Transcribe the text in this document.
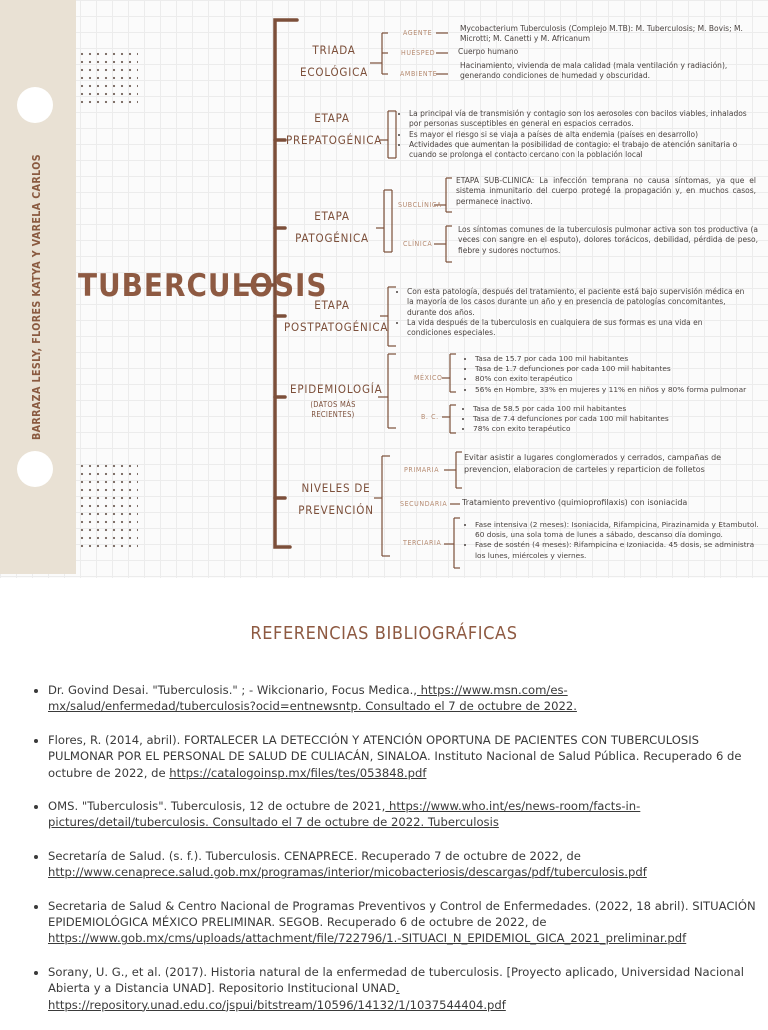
BARRAZA LESLY, FLORES KATYA Y VARELA CARLOS TUBERCULOSIS
TRIADA
ECOLÓGICA
AGENTE
HUÉSPED
AMBIENTE
Mycobacterium Tuberculosis (Complejo M.TB): M. Tuberculosis; M. Bovis; M. Microtti; M. Canetti y M. Africanum
Cuerpo humano
Hacinamiento, vivienda de mala calidad (mala ventilación y radiación), generando condiciones de humedad y obscuridad.
ETAPA
PREPATOGÉNICA
• La principal vía de transmisión y contagio son los aerosoles con bacilos viables, inhalados por personas susceptibles en general en espacios cerrados.
• Es mayor el riesgo si se viaja a países de alta endemia (países en desarrollo)
• Actividades que aumentan la posibilidad de contagio: el trabajo de atención sanitaria o cuando se prolonga el contacto cercano con la población local
ETAPA
PATOGÉNICA
SUBCLÍNICA
CLÍNICA
ETAPA SUB-CLINICA: La infección temprana no causa síntomas, ya que el sistema inmunitario del cuerpo protegé la propagación y, en muchos casos, permanece inactivo.
Los síntomas comunes de la tuberculosis pulmonar activa son tos productiva (a veces con sangre en el esputo), dolores torácicos, debilidad, pérdida de peso, fiebre y sudores nocturnos.
ETAPA
POSTPATOGÉNICA
• Con esta patología, después del tratamiento, el paciente está bajo supervisión médica en la mayoría de los casos durante un año y en presencia de patologías concomitantes, durante dos años.
• La vida después de la tuberculosis en cualquiera de sus formas es una vida en condiciones especiales.
EPIDEMIOLOGÍA
(DATOS MÁS RECIENTES)
MÉXICO
B. C.
• Tasa de 15.7 por cada 100 mil habitantes
• Tasa de 1.7 defunciones por cada 100 mil habitantes
• 80% con exito terapéutico
• 56% en Hombre, 33% en mujeres y 11% en niños y 80% forma pulmonar
• Tasa de 58.5 por cada 100 mil habitantes
• Tasa de 7.4 defunciones por cada 100 mil habitantes
• 78% con exito terapéutico
NIVELES DE
PREVENCIÓN
PRIMARIA
SECUNDARIA
TERCIARIA
Evitar asistir a lugares conglomerados y cerrados, campañas de prevencion, elaboracion de carteles y reparticion de folletos
Tratamiento preventivo (quimioprofilaxis) con isoniacida
• Fase intensiva (2 meses): Isoniacida, Rifampicina, Pirazinamida y Etambutol. 60 dosis, una sola toma de lunes a sábado, descanso día domingo.
• Fase de sostén (4 meses): Rifampicina e Izoniacida. 45 dosis, se administra los lunes, miércoles y viernes.
REFERENCIAS BIBLIOGRÁFICAS
• Dr. Govind Desai. "Tuberculosis." ; - Wikcionario, Focus Medica., https://www.msn.com/es-mx/salud/enfermedad/tuberculosis?ocid=entnewsntp. Consultado el 7 de octubre de 2022.
• Flores, R. (2014, abril). FORTALECER LA DETECCIÓN Y ATENCIÓN OPORTUNA DE PACIENTES CON TUBERCULOSIS PULMONAR POR EL PERSONAL DE SALUD DE CULIACÁN, SINALOA. Instituto Nacional de Salud Pública. Recuperado 6 de octubre de 2022, de https://catalogoinsp.mx/files/tes/053848.pdf
• OMS. "Tuberculosis". Tuberculosis, 12 de octubre de 2021, https://www.who.int/es/news-room/facts-in-pictures/detail/tuberculosis. Consultado el 7 de octubre de 2022. Tuberculosis
• Secretaría de Salud. (s. f.). Tuberculosis. CENAPRECE. Recuperado 7 de octubre de 2022, de http://www.cenaprece.salud.gob.mx/programas/interior/micobacteriosis/descargas/pdf/tuberculosis.pdf
• Secretaria de Salud & Centro Nacional de Programas Preventivos y Control de Enfermedades. (2022, 18 abril). SITUACIÓN EPIDEMIOLÓGICA MÉXICO PRELIMINAR. SEGOB. Recuperado 6 de octubre de 2022, de https://www.gob.mx/cms/uploads/attachment/file/722796/1.-SITUACI_N_EPIDEMIOL_GICA_2021_preliminar.pdf
• Sorany, U. G., et al. (2017). Historia natural de la enfermedad de tuberculosis. [Proyecto aplicado, Universidad Nacional Abierta y a Distancia UNAD]. Repositorio Institucional UNAD. https://repository.unad.edu.co/jspui/bitstream/10596/14132/1/1037544404.pdf
